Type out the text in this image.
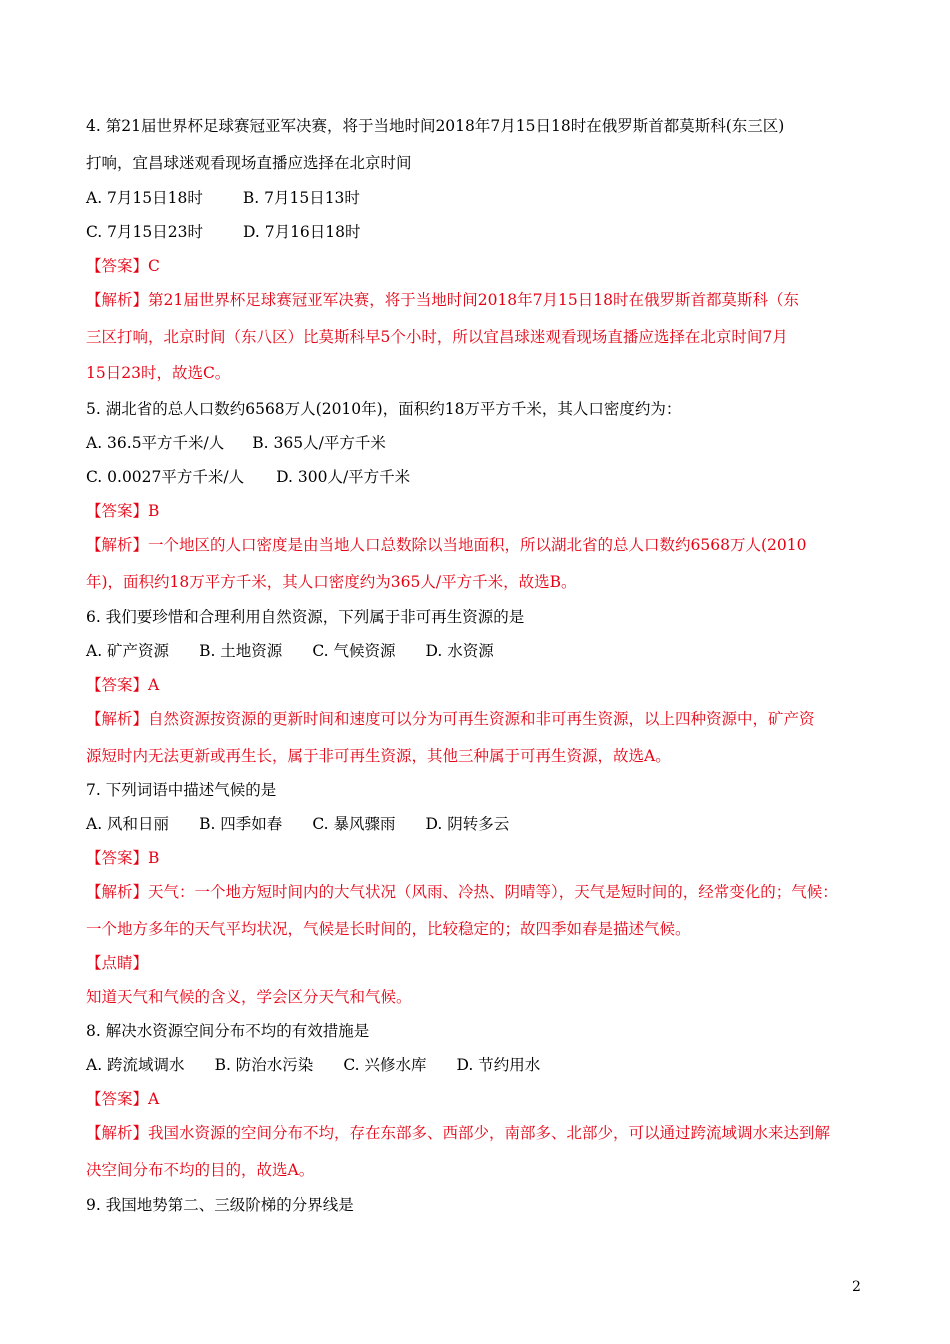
4. 第21届世界杯足球赛冠亚军决赛，将于当地时间2018年7月15日18时在俄罗斯首都莫斯科(东三区)
打响，宜昌球迷观看现场直播应选择在北京时间
A. 7月15日18时	B. 7月15日13时
C. 7月15日23时	D. 7月16日18时
【答案】C
【解析】第21届世界杯足球赛冠亚军决赛，将于当地时间2018年7月15日18时在俄罗斯首都莫斯科（东
三区打响，北京时间（东八区）比莫斯科早5个小时，所以宜昌球迷观看现场直播应选择在北京时间7月
15日23时，故选C。
5. 湖北省的总人口数约6568万人(2010年)，面积约18万平方千米，其人口密度约为：
A. 36.5平方千米/人 B. 365人/平方千米
C. 0.0027平方千米/人 D. 300人/平方千米
【答案】B
【解析】一个地区的人口密度是由当地人口总数除以当地面积，所以湖北省的总人口数约6568万人(2010
年)，面积约18万平方千米，其人口密度约为365人/平方千米，故选B。
6. 我们要珍惜和合理利用自然资源，下列属于非可再生资源的是
A. 矿产资源 B. 土地资源 C. 气候资源 D. 水资源
【答案】A
【解析】自然资源按资源的更新时间和速度可以分为可再生资源和非可再生资源，以上四种资源中，矿产资
源短时内无法更新或再生长，属于非可再生资源，其他三种属于可再生资源，故选A。
7. 下列词语中描述气候的是
A. 风和日丽 B. 四季如春 C. 暴风骤雨 D. 阴转多云
【答案】B
【解析】天气：一个地方短时间内的大气状况（风雨、冷热、阴晴等），天气是短时间的，经常变化的；气候：
一个地方多年的天气平均状况，气候是长时间的，比较稳定的；故四季如春是描述气候。
【点睛】
知道天气和气候的含义，学会区分天气和气候。
8. 解决水资源空间分布不均的有效措施是
A. 跨流域调水 B. 防治水污染 C. 兴修水库 D. 节约用水
【答案】A
【解析】我国水资源的空间分布不均，存在东部多、西部少，南部多、北部少，可以通过跨流域调水来达到解
决空间分布不均的目的，故选A。
9. 我国地势第二、三级阶梯的分界线是
2
